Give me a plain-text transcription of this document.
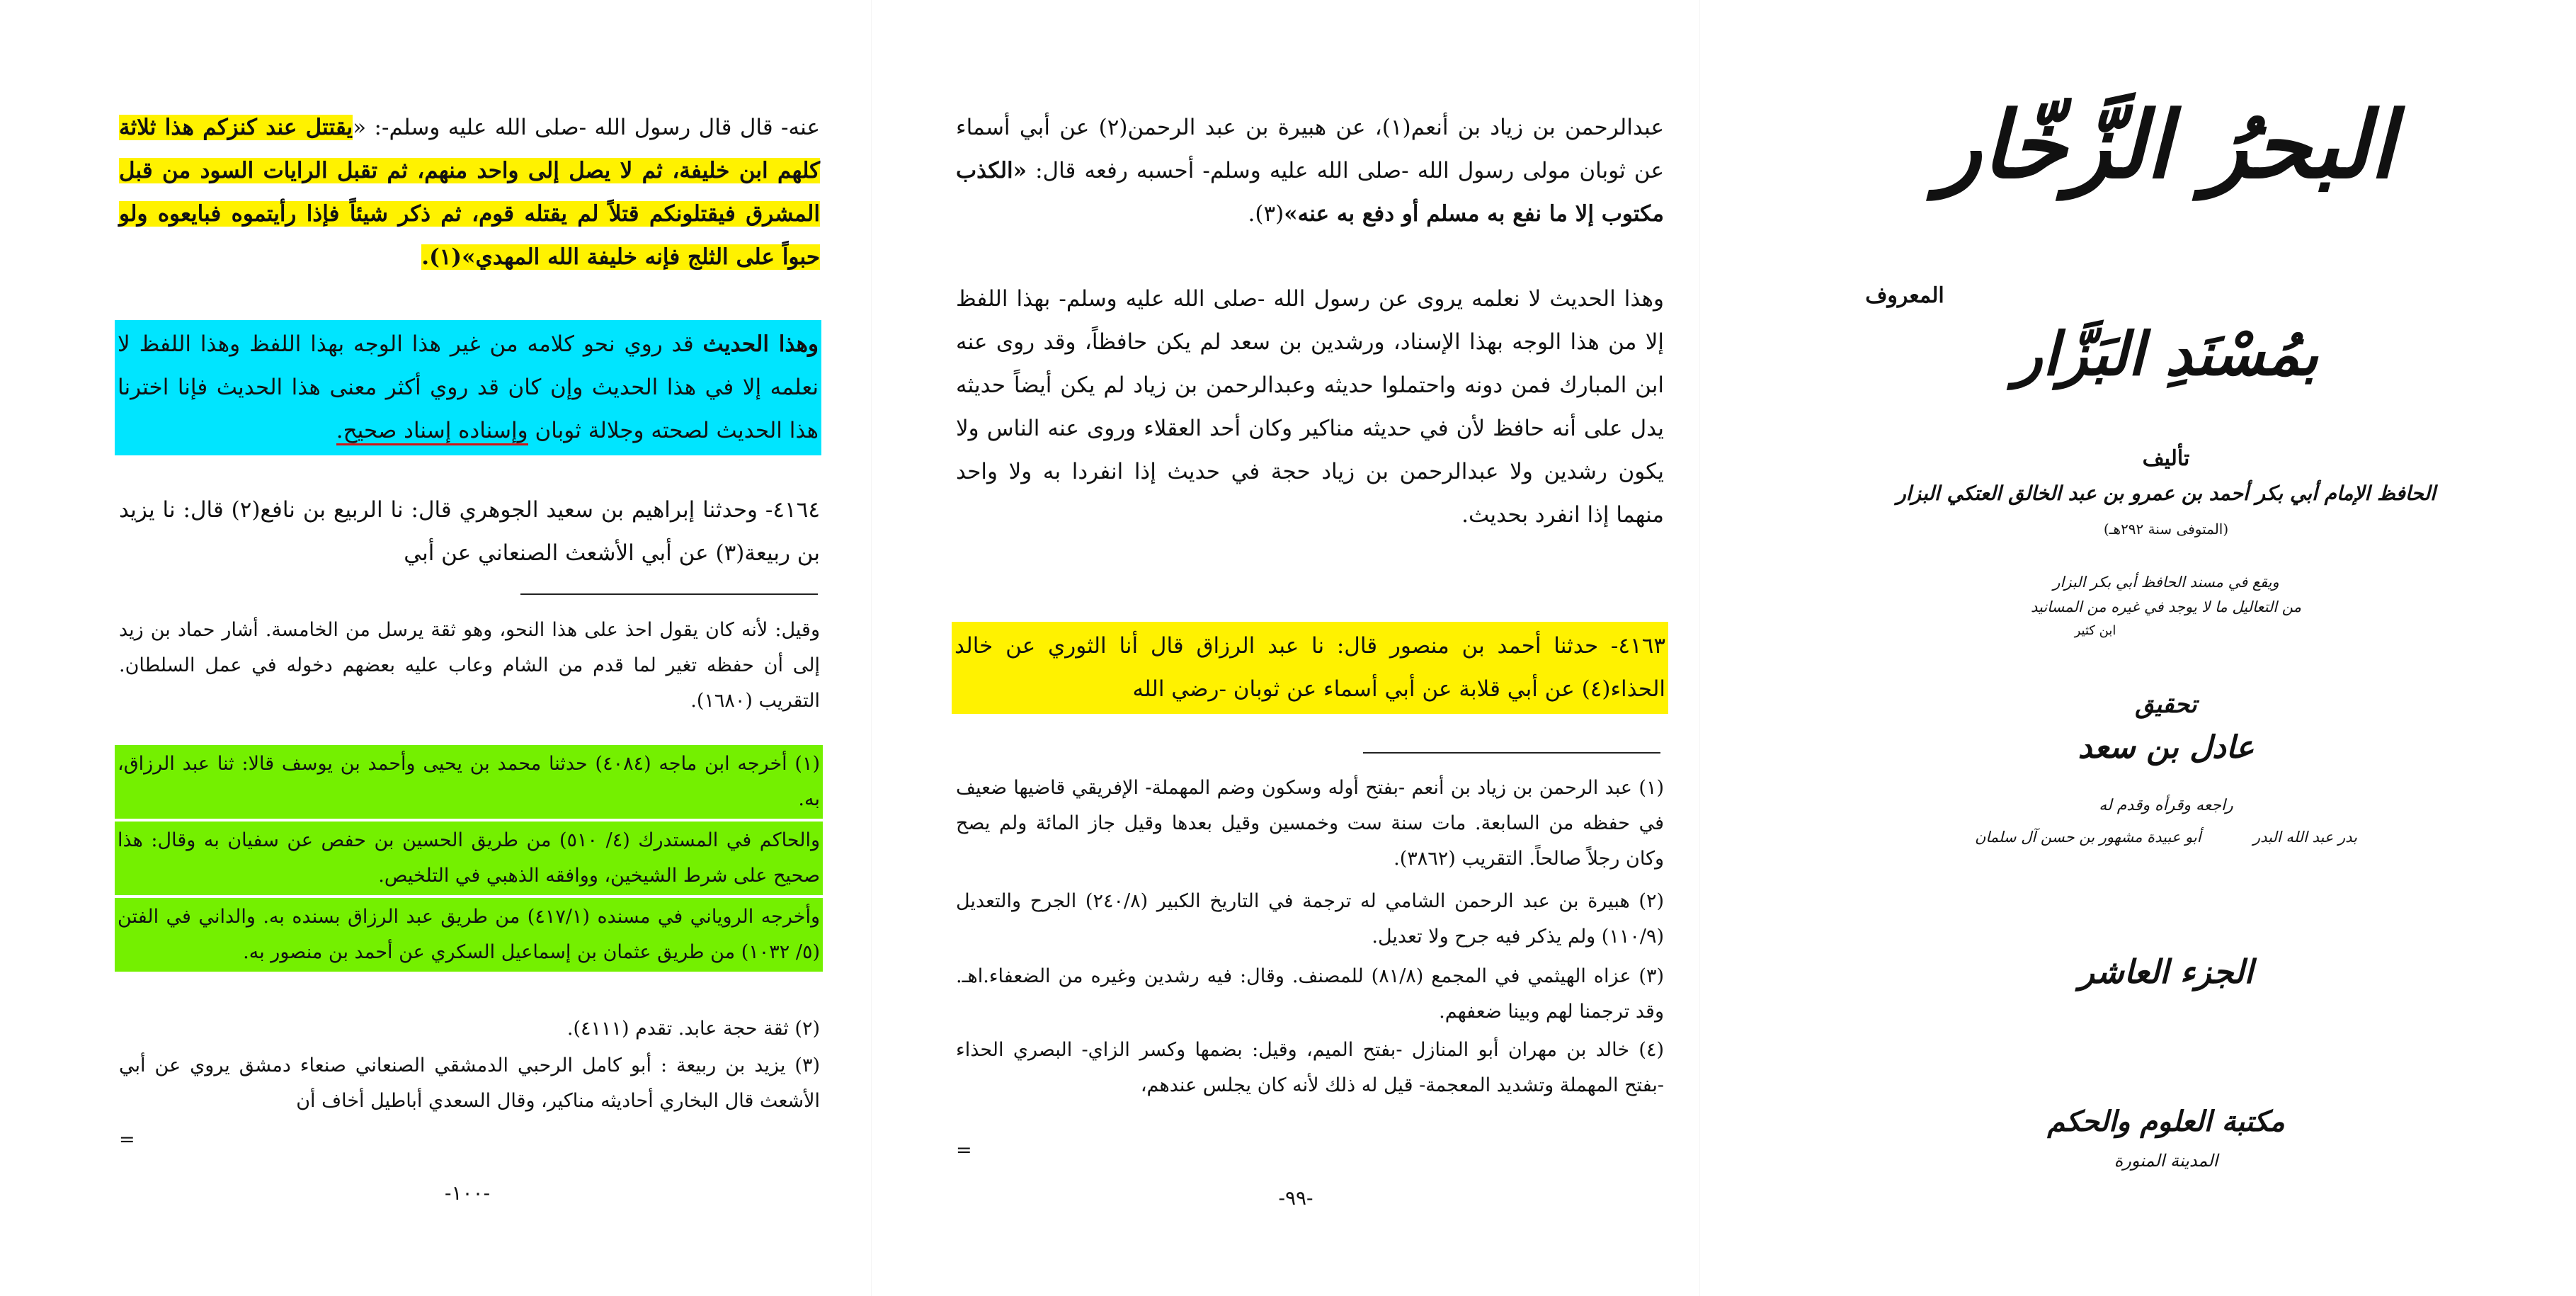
عنه- قال قال رسول الله -صلى الله عليه وسلم-: «يقتتل عند كنزكم هذا ثلاثة كلهم ابن خليفة، ثم لا يصل إلى واحد منهم، ثم تقبل الرايات السود من قبل المشرق فيقتلونكم قتلاً لم يقتله قوم، ثم ذكر شيئاً فإذا رأيتموه فبايعوه ولو حبواً على الثلج فإنه خليفة الله المهدي»(١).
وهذا الحديث قد روي نحو كلامه من غير هذا الوجه بهذا اللفظ وهذا اللفظ لا نعلمه إلا في هذا الحديث وإن كان قد روي أكثر معنى هذا الحديث فإنا اخترنا هذا الحديث لصحته وجلالة ثوبان وإسناده إسناد صحيح.
٤١٦٤- وحدثنا إبراهيم بن سعيد الجوهري قال: نا الربيع بن نافع(٢) قال: نا يزيد بن ربيعة(٣) عن أبي الأشعث الصنعاني عن أبي
وقيل: لأنه كان يقول احذ على هذا النحو، وهو ثقة يرسل من الخامسة. أشار حماد بن زيد إلى أن حفظه تغير لما قدم من الشام وعاب عليه بعضهم دخوله في عمل السلطان. التقريب (١٦٨٠).
(١) أخرجه ابن ماجه (٤٠٨٤) حدثنا محمد بن يحيى وأحمد بن يوسف قالا: ثنا عبد الرزاق، به.
والحاكم في المستدرك (٤/ ٥١٠) من طريق الحسين بن حفص عن سفيان به وقال: هذا صحيح على شرط الشيخين، ووافقه الذهبي في التلخيص.
وأخرجه الروياني في مسنده (٤١٧/١) من طريق عبد الرزاق بسنده به. والداني في الفتن (٥/ ١٠٣٢) من طريق عثمان بن إسماعيل السكري عن أحمد بن منصور به.
(٢) ثقة حجة عابد. تقدم (٤١١١).
(٣) يزيد بن ربيعة : أبو كامل الرحبي الدمشقي الصنعاني صنعاء دمشق يروي عن أبي الأشعث قال البخاري أحاديثه مناكير، وقال السعدي أباطيل أخاف أن
=
-١٠٠-
عبدالرحمن بن زياد بن أنعم(١)، عن هبيرة بن عبد الرحمن(٢) عن أبي أسماء عن ثوبان مولى رسول الله -صلى الله عليه وسلم- أحسبه رفعه قال: «الكذب مكتوب إلا ما نفع به مسلم أو دفع به عنه»(٣).
وهذا الحديث لا نعلمه يروى عن رسول الله -صلى الله عليه وسلم- بهذا اللفظ إلا من هذا الوجه بهذا الإسناد، ورشدين بن سعد لم يكن حافظاً، وقد روى عنه ابن المبارك فمن دونه واحتملوا حديثه وعبدالرحمن بن زياد لم يكن أيضاً حديثه يدل على أنه حافظ لأن في حديثه مناكير وكان أحد العقلاء وروى عنه الناس ولا يكون رشدين ولا عبدالرحمن بن زياد حجة في حديث إذا انفردا به ولا واحد منهما إذا انفرد بحديث.
٤١٦٣- حدثنا أحمد بن منصور قال: نا عبد الرزاق قال أنا الثوري عن خالد الحذاء(٤) عن أبي قلابة عن أبي أسماء عن ثوبان -رضي الله
(١) عبد الرحمن بن زياد بن أنعم -بفتح أوله وسكون وضم المهملة- الإفريقي قاضيها ضعيف في حفظه من السابعة. مات سنة ست وخمسين وقيل بعدها وقيل جاز المائة ولم يصح وكان رجلاً صالحاً. التقريب (٣٨٦٢).
(٢) هبيرة بن عبد الرحمن الشامي له ترجمة في التاريخ الكبير (٢٤٠/٨) الجرح والتعديل (١١٠/٩) ولم يذكر فيه جرح ولا تعديل.
(٣) عزاه الهيثمي في المجمع (٨١/٨) للمصنف. وقال: فيه رشدين وغيره من الضعفاء.اهـ. وقد ترجمنا لهم وبينا ضعفهم.
(٤) خالد بن مهران أبو المنازل -بفتح الميم، وقيل: بضمها وكسر الزاي- البصري الحذاء -بفتح المهملة وتشديد المعجمة- قيل له ذلك لأنه كان يجلس عندهم،
=
-٩٩-
البحرُ الزَّخّار
المعروف
بمُسْنَدِ البَزَّار
تأليف
الحافظ الإمام أبي بكر أحمد بن عمرو بن عبد الخالق العتكي البزار
(المتوفى سنة ٢٩٢هـ)
ويقع في مسند الحافظ أبي بكر البزار
من التعاليل ما لا يوجد في غيره من المسانيد
ابن كثير
تحقيق
عادل بن سعد
راجعه وقرأه وقدم له
بدر عبد الله البدر  أبو عبيدة مشهور بن حسن آل سلمان
الجزء العاشر
مكتبة العلوم والحكم
المدينة المنورة
